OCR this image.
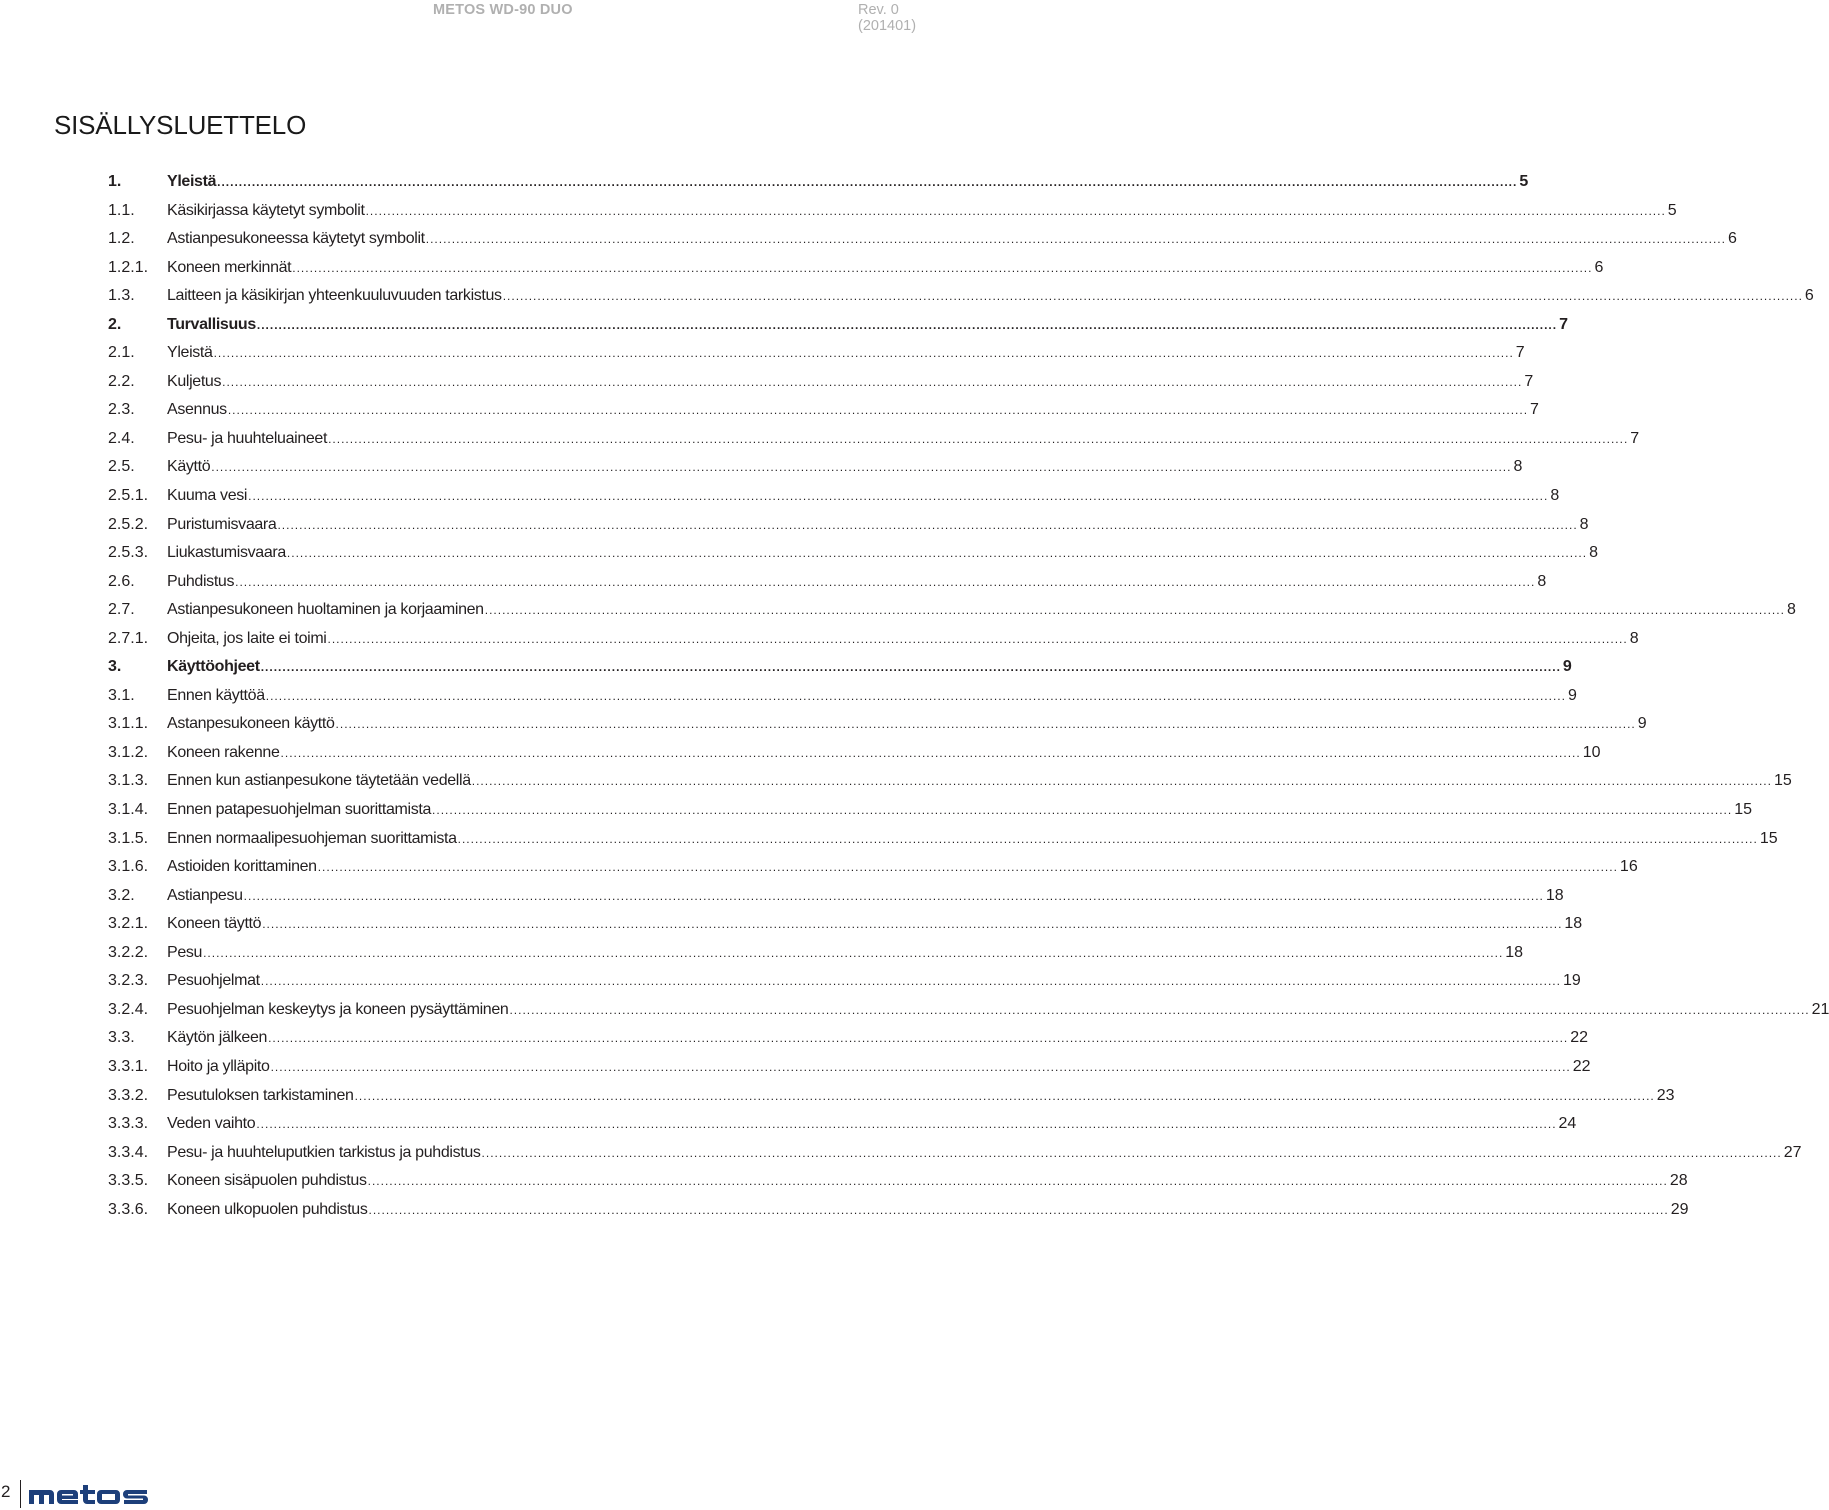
METOS WD-90 DUO	Rev. 0 (201401)
SISÄLLYSLUETTELO
1.	Yleistä ............................................................................................................................................................................................................................................................................................................ 5
1.1.	Käsikirjassa käytetyt symbolit ............................................................................................................................................................................................................................................................................................................ 5
1.2.	Astianpesukoneessa käytetyt symbolit ............................................................................................................................................................................................................................................................................................................ 6
1.2.1.	Koneen merkinnät ............................................................................................................................................................................................................................................................................................................ 6
1.3.	Laitteen ja käsikirjan yhteenkuuluvuuden tarkistus ............................................................................................................................................................................................................................................................................................................ 6
2.	Turvallisuus ............................................................................................................................................................................................................................................................................................................ 7
2.1.	Yleistä ............................................................................................................................................................................................................................................................................................................ 7
2.2.	Kuljetus ............................................................................................................................................................................................................................................................................................................ 7
2.3.	Asennus ............................................................................................................................................................................................................................................................................................................ 7
2.4.	Pesu- ja huuhteluaineet ............................................................................................................................................................................................................................................................................................................ 7
2.5.	Käyttö ............................................................................................................................................................................................................................................................................................................ 8
2.5.1.	Kuuma vesi ............................................................................................................................................................................................................................................................................................................ 8
2.5.2.	Puristumisvaara ............................................................................................................................................................................................................................................................................................................ 8
2.5.3.	Liukastumisvaara ............................................................................................................................................................................................................................................................................................................ 8
2.6.	Puhdistus ............................................................................................................................................................................................................................................................................................................ 8
2.7.	Astianpesukoneen huoltaminen ja korjaaminen ............................................................................................................................................................................................................................................................................................................ 8
2.7.1.	Ohjeita, jos laite ei toimi ............................................................................................................................................................................................................................................................................................................ 8
3.	Käyttöohjeet ............................................................................................................................................................................................................................................................................................................ 9
3.1.	Ennen käyttöä ............................................................................................................................................................................................................................................................................................................ 9
3.1.1.	Astanpesukoneen käyttö ............................................................................................................................................................................................................................................................................................................ 9
3.1.2.	Koneen rakenne ............................................................................................................................................................................................................................................................................................................ 10
3.1.3.	Ennen kun astianpesukone täytetään vedellä ............................................................................................................................................................................................................................................................................................................ 15
3.1.4.	Ennen patapesuohjelman suorittamista ............................................................................................................................................................................................................................................................................................................ 15
3.1.5.	Ennen normaalipesuohjeman suorittamista ............................................................................................................................................................................................................................................................................................................ 15
3.1.6.	Astioiden korittaminen ............................................................................................................................................................................................................................................................................................................ 16
3.2.	Astianpesu ............................................................................................................................................................................................................................................................................................................ 18
3.2.1.	Koneen täyttö ............................................................................................................................................................................................................................................................................................................ 18
3.2.2.	Pesu ............................................................................................................................................................................................................................................................................................................ 18
3.2.3.	Pesuohjelmat ............................................................................................................................................................................................................................................................................................................ 19
3.2.4.	Pesuohjelman keskeytys ja koneen pysäyttäminen ............................................................................................................................................................................................................................................................................................................ 21
3.3.	Käytön jälkeen ............................................................................................................................................................................................................................................................................................................ 22
3.3.1.	Hoito ja ylläpito ............................................................................................................................................................................................................................................................................................................ 22
3.3.2.	Pesutuloksen tarkistaminen ............................................................................................................................................................................................................................................................................................................ 23
3.3.3.	Veden vaihto ............................................................................................................................................................................................................................................................................................................ 24
3.3.4.	Pesu- ja huuhteluputkien tarkistus ja puhdistus ............................................................................................................................................................................................................................................................................................................ 27
3.3.5.	Koneen sisäpuolen puhdistus ............................................................................................................................................................................................................................................................................................................ 28
3.3.6.	Koneen ulkopuolen puhdistus ............................................................................................................................................................................................................................................................................................................ 29
2
